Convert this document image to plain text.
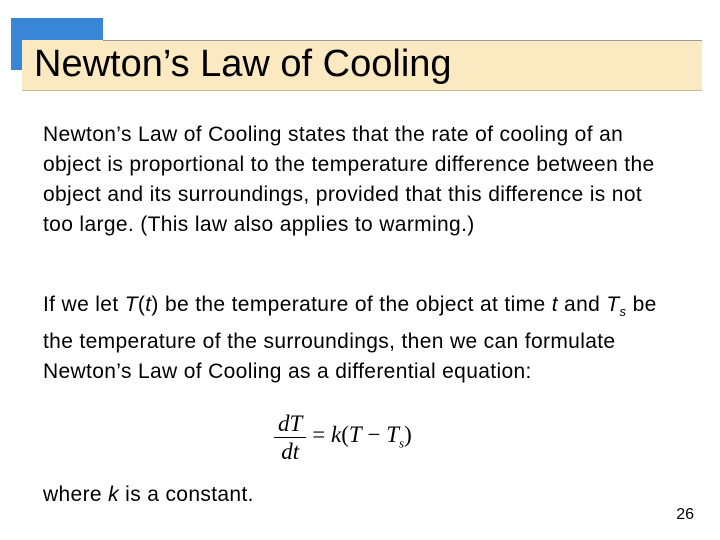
Newton’s Law of Cooling

Newton’s Law of Cooling states that the rate of cooling of an object is proportional to the temperature difference between the object and its surroundings, provided that this difference is not too large. (This law also applies to warming.)

If we let T(t) be the temperature of the object at time t and $T_s$ be the temperature of the surroundings, then we can formulate Newton’s Law of Cooling as a differential equation:

$\frac{dT}{dt} = k(T - T_s)$

where k is a constant.

26
